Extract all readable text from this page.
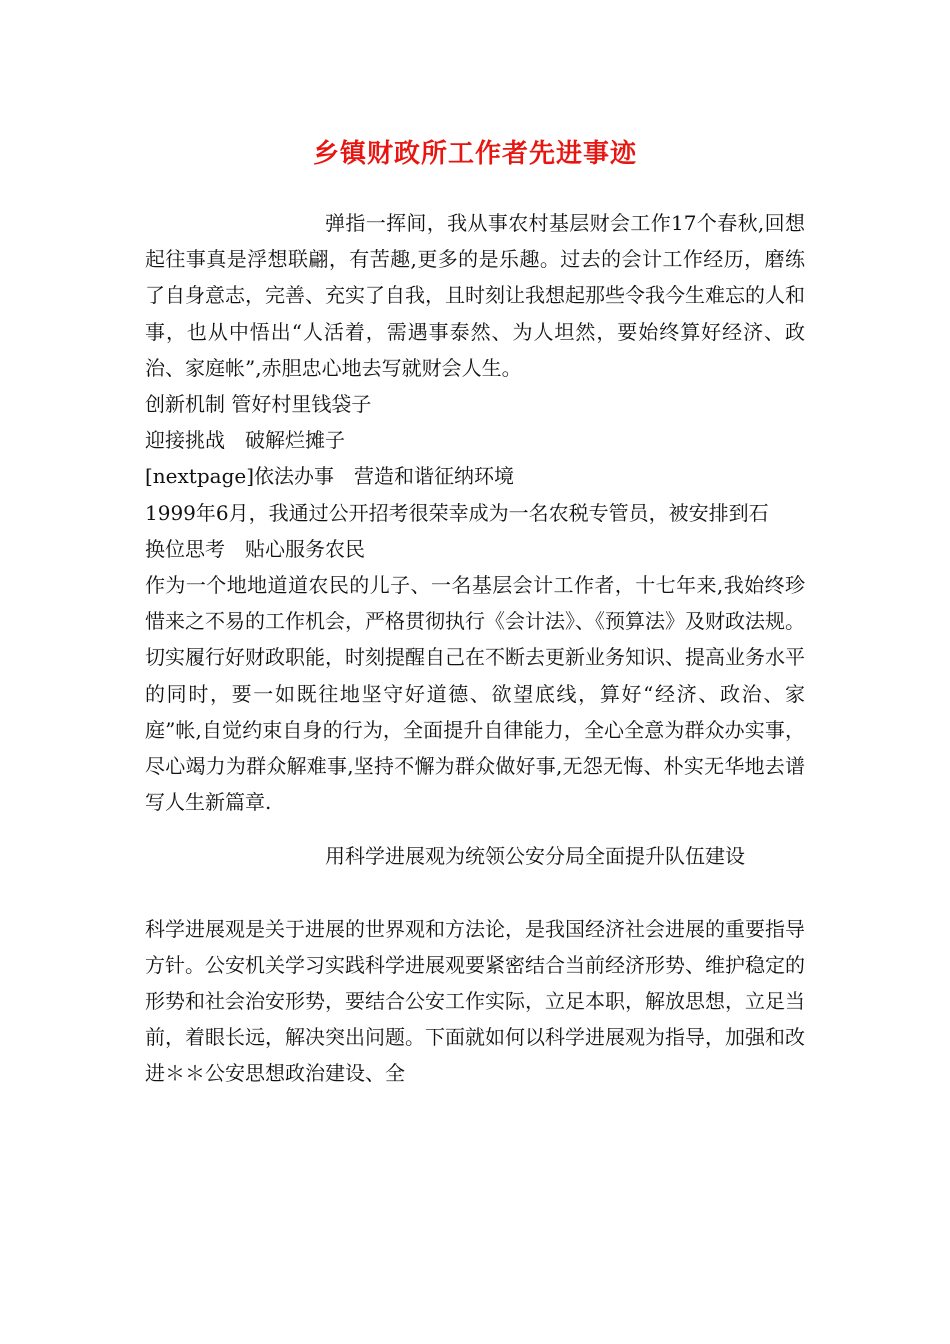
乡镇财政所工作者先进事迹

弹指一挥间，我从事农村基层财会工作17个春秋,回想起往事真是浮想联翩，有苦趣,更多的是乐趣。过去的会计工作经历，磨练了自身意志，完善、充实了自我，且时刻让我想起那些令我今生难忘的人和事，也从中悟出“人活着，需遇事泰然、为人坦然，要始终算好经济、政治、家庭帐”,赤胆忠心地去写就财会人生。

创新机制 管好村里钱袋子

迎接挑战　破解烂摊子

[nextpage]依法办事　营造和谐征纳环境

1999年6月，我通过公开招考很荣幸成为一名农税专管员，被安排到石

换位思考　贴心服务农民

作为一个地地道道农民的儿子、一名基层会计工作者，十七年来,我始终珍惜来之不易的工作机会，严格贯彻执行《会计法》、《预算法》及财政法规。切实履行好财政职能，时刻提醒自己在不断去更新业务知识、提高业务水平的同时，要一如既往地坚守好道德、欲望底线，算好“经济、政治、家庭”帐,自觉约束自身的行为，全面提升自律能力，全心全意为群众办实事，尽心竭力为群众解难事,坚持不懈为群众做好事,无怨无悔、朴实无华地去谱写人生新篇章.

用科学进展观为统领公安分局全面提升队伍建设

科学进展观是关于进展的世界观和方法论，是我国经济社会进展的重要指导方针。公安机关学习实践科学进展观要紧密结合当前经济形势、维护稳定的形势和社会治安形势，要结合公安工作实际，立足本职，解放思想，立足当前，着眼长远，解决突出问题。下面就如何以科学进展观为指导，加强和改进＊＊公安思想政治建设、全
